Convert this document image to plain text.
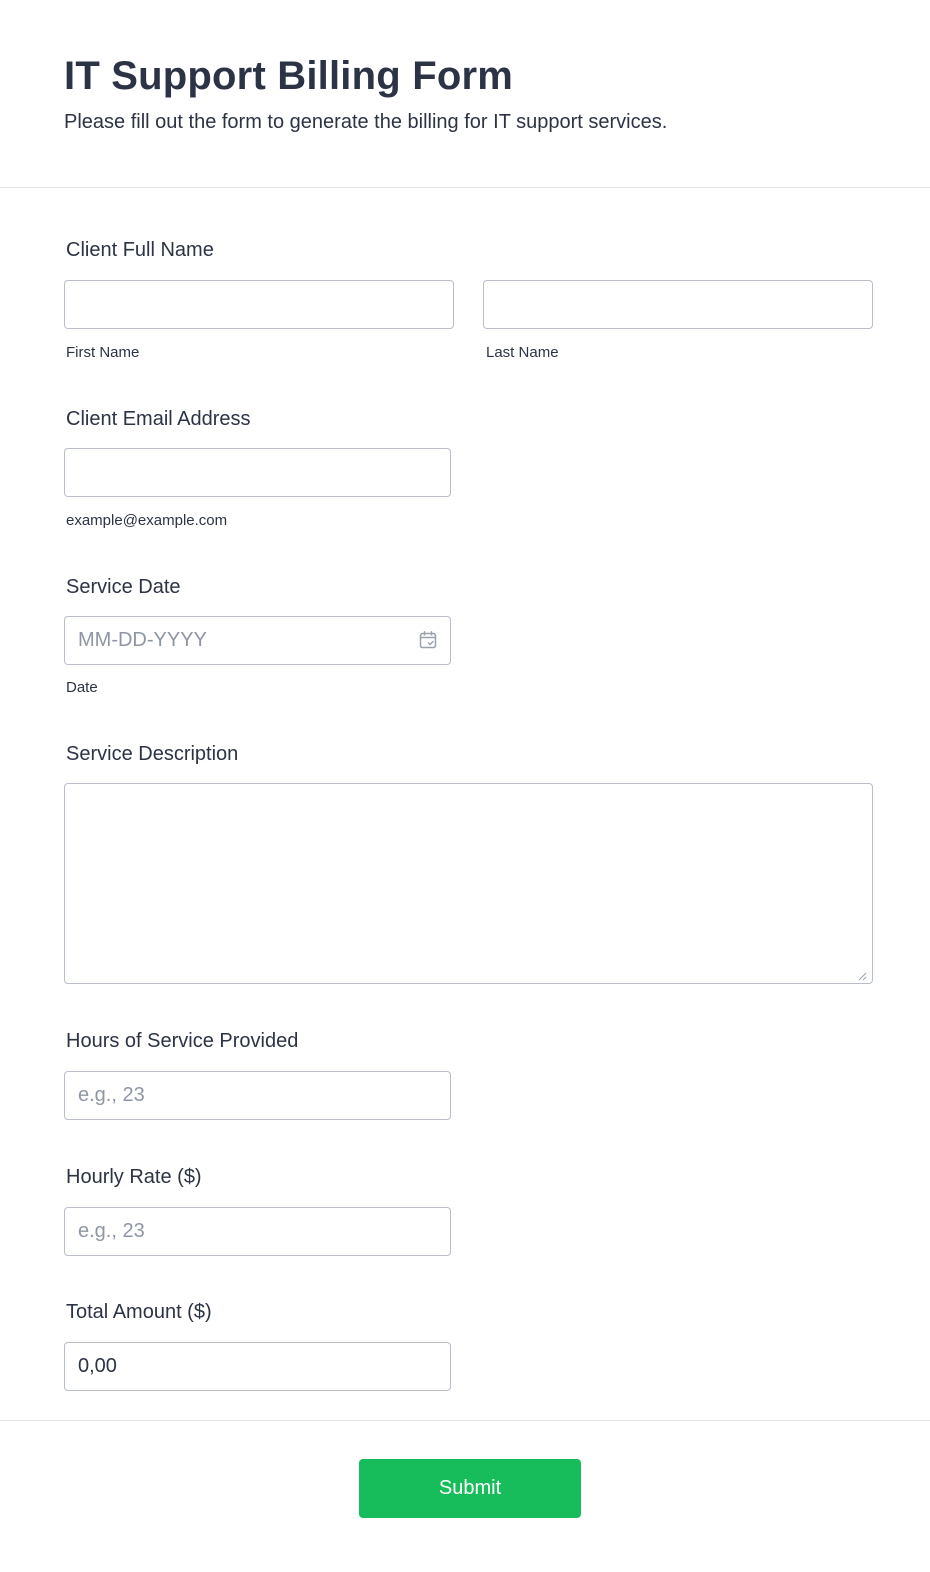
IT Support Billing Form

Please fill out the form to generate the billing for IT support services.

Client Full Name
First Name	Last Name
Client Email Address
example@example.com
Service Date
MM-DD-YYYY
Date
Service Description
Hours of Service Provided
e.g., 23
Hourly Rate ($)
e.g., 23
Total Amount ($)
0,00
Submit
